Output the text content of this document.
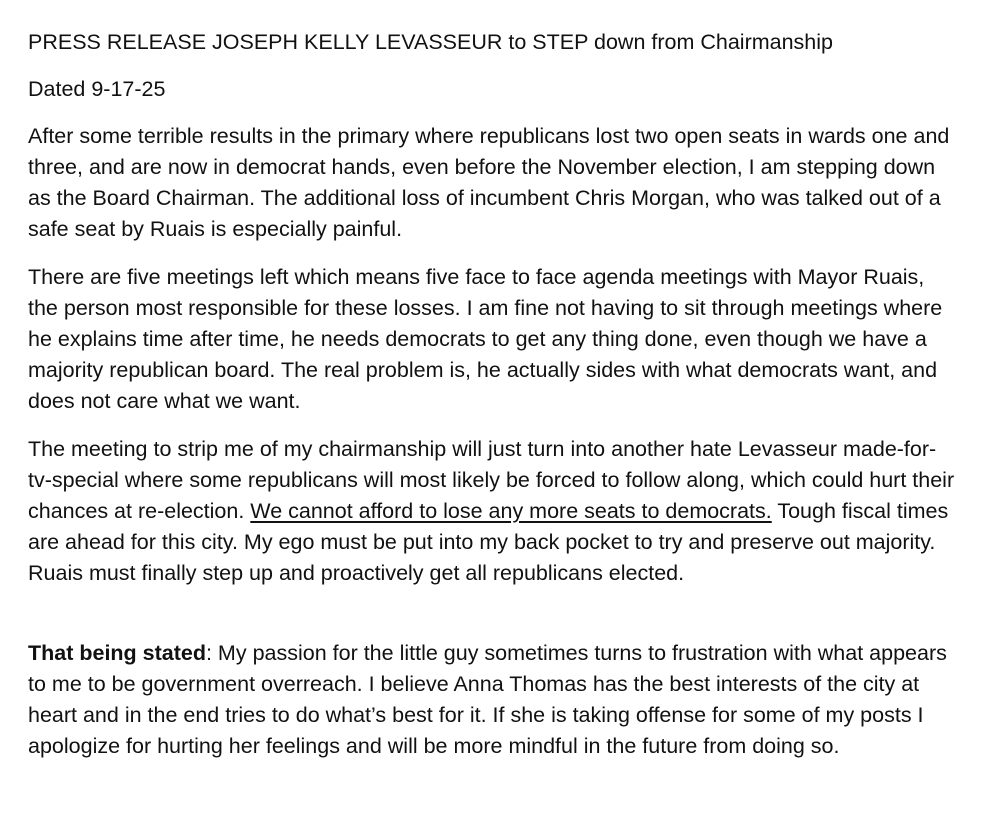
PRESS RELEASE JOSEPH KELLY LEVASSEUR to STEP down from Chairmanship

Dated 9-17-25

After some terrible results in the primary where republicans lost two open seats in wards one and three, and are now in democrat hands, even before the November election, I am stepping down as the Board Chairman. The additional loss of incumbent Chris Morgan, who was talked out of a safe seat by Ruais is especially painful.

There are five meetings left which means five face to face agenda meetings with Mayor Ruais, the person most responsible for these losses. I am fine not having to sit through meetings where he explains time after time, he needs democrats to get any thing done, even though we have a majority republican board. The real problem is, he actually sides with what democrats want, and does not care what we want.

The meeting to strip me of my chairmanship will just turn into another hate Levasseur made-for-tv-special where some republicans will most likely be forced to follow along, which could hurt their chances at re-election. We cannot afford to lose any more seats to democrats. Tough fiscal times are ahead for this city. My ego must be put into my back pocket to try and preserve out majority. Ruais must finally step up and proactively get all republicans elected.

That being stated: My passion for the little guy sometimes turns to frustration with what appears to me to be government overreach. I believe Anna Thomas has the best interests of the city at heart and in the end tries to do what’s best for it. If she is taking offense for some of my posts I apologize for hurting her feelings and will be more mindful in the future from doing so.
